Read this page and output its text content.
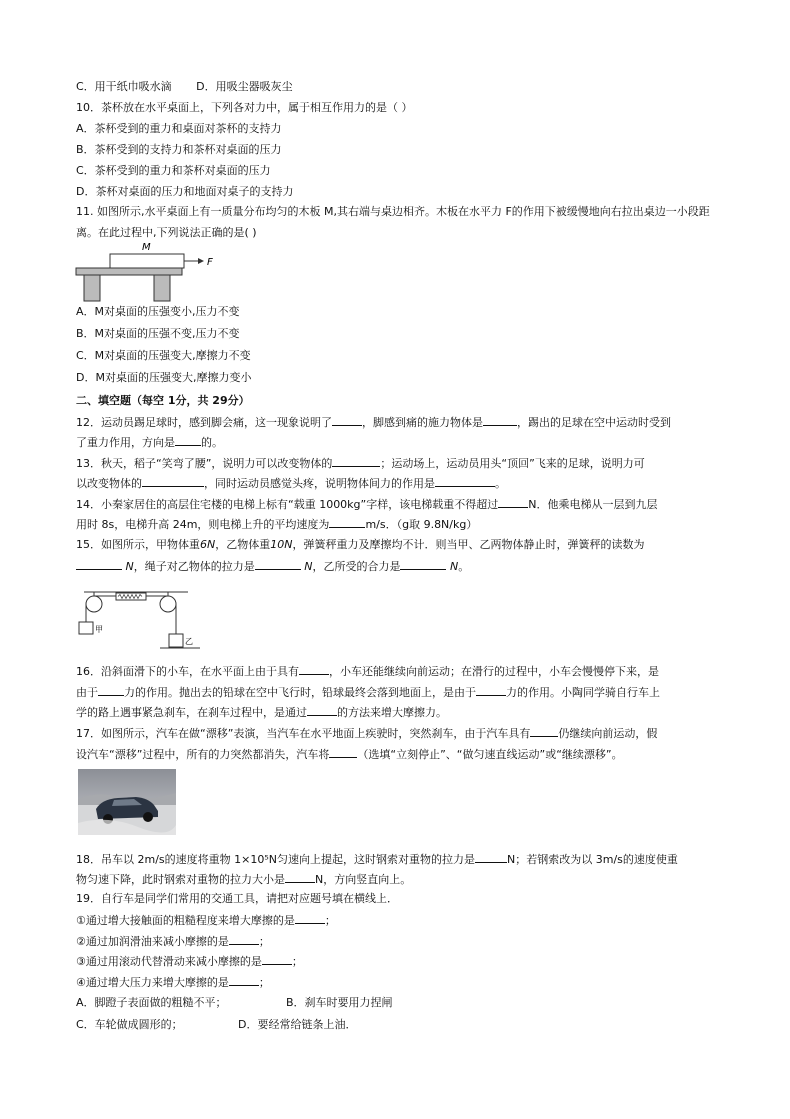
C．用干纸巾吸水滴       D．用吸尘器吸灰尘
10．茶杯放在水平桌面上，下列各对力中，属于相互作用力的是（ ）
A．茶杯受到的重力和桌面对茶杯的支持力
B．茶杯受到的支持力和茶杯对桌面的压力
C．茶杯受到的重力和茶杯对桌面的压力
D．茶杯对桌面的压力和地面对桌子的支持力
11. 如图所示,水平桌面上有一质量分布均匀的木板 M,其右端与桌边相齐。木板在水平力 F的作用下被缓慢地向右拉出桌边一小段距离。在此过程中,下列说法正确的是( )
M
F
A．M对桌面的压强变小,压力不变
B．M对桌面的压强不变,压力不变
C．M对桌面的压强变大,摩擦力不变
D．M对桌面的压强变大,摩擦力变小
二、填空题（每空 1分，共 29分）
12．运动员踢足球时，感到脚会痛，这一现象说明了	，脚感到痛的施力物体是	，踢出的足球在空中运动时受到
了重力作用，方向是 的。
13．秋天，稻子“笑弯了腰”，说明力可以改变物体的	；运动场上，运动员用头“顶回”飞来的足球，说明力可
以改变物体的	，同时运动员感觉头疼，说明物体间力的作用是	。
14．小秦家居住的高层住宅楼的电梯上标有“载重 1000kg”字样，该电梯载重不得超过	N．他乘电梯从一层到九层
用时 8s，电梯升高 24m，则电梯上升的平均速度为	m/s．（g取 9.8N/kg）
15．如图所示，甲物体重6N，乙物体重10N，弹簧秤重力及摩擦均不计．则当甲、乙两物体静止时，弹簧秤的读数为
N，绳子对乙物体的拉力是	N，乙所受的合力是	N。
甲
乙
16．沿斜面滑下的小车，在水平面上由于具有	，小车还能继续向前运动；在滑行的过程中，小车会慢慢停下来，是
由于 力的作用。抛出去的铅球在空中飞行时，铅球最终会落到地面上，是由于	力的作用。小陶同学骑自行车上
学的路上遇事紧急刹车，在刹车过程中，是通过	的方法来增大摩擦力。
17．如图所示，汽车在做“漂移”表演，当汽车在水平地面上疾驶时，突然刹车，由于汽车具有	仍继续向前运动，假
设汽车“漂移”过程中，所有的力突然都消失，汽车将	（选填“立刻停止”、“做匀速直线运动”或“继续漂移”。
18．吊车以 2m/s的速度将重物 1×10⁵N匀速向上提起，这时钢索对重物的拉力是	N；若钢索改为以 3m/s的速度使重
物匀速下降，此时钢索对重物的拉力大小是	N，方向竖直向上。
19．自行车是同学们常用的交通工具，请把对应题号填在横线上．
①通过增大接触面的粗糙程度来增大摩擦的是	；
②通过加润滑油来减小摩擦的是	；
③通过用滚动代替滑动来减小摩擦的是	；
④通过增大压力来增大摩擦的是	；
A．脚蹬子表面做的粗糙不平；	B．刹车时要用力捏闸
C．车轮做成圆形的；	D．要经常给链条上油．
